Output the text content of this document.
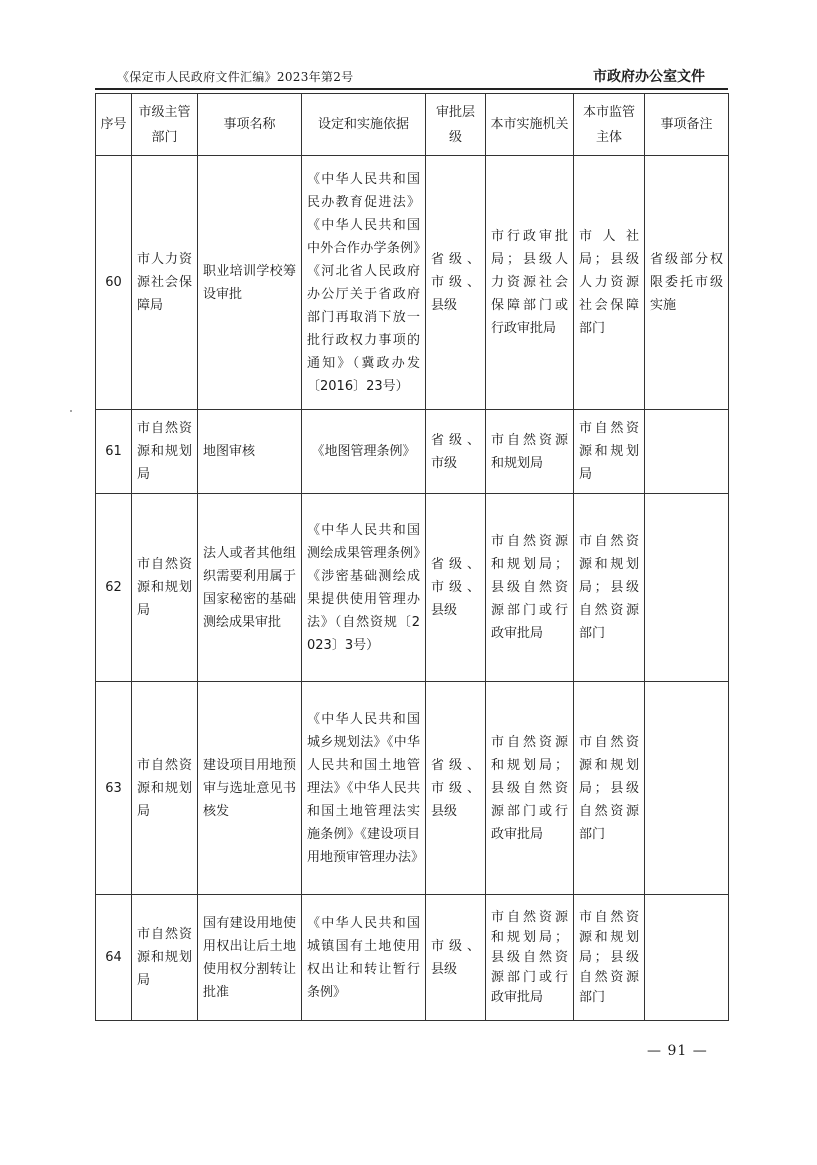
《保定市人民政府文件汇编》2023年第2号	市政府办公室文件
序号	市级主管部门	事项名称	设定和实施依据	审批层级	本市实施机关	本市监管主体	事项备注
60	市人力资源社会保障局	职业培训学校筹设审批	《中华人民共和国民办教育促进法》《中华人民共和国中外合作办学条例》《河北省人民政府办公厅关于省政府部门再取消下放一批行政权力事项的通知》（冀政办发〔2016〕23号）	省级、市级、县级	市行政审批局；县级人力资源社会保障部门或行政审批局	市人社局；县级人力资源社会保障部门	省级部分权限委托市级实施
61	市自然资源和规划局	地图审核	《地图管理条例》	省级、市级	市自然资源和规划局	市自然资源和规划局	
62	市自然资源和规划局	法人或者其他组织需要利用属于国家秘密的基础测绘成果审批	《中华人民共和国测绘成果管理条例》《涉密基础测绘成果提供使用管理办法》（自然资规〔2023〕3号）	省级、市级、县级	市自然资源和规划局；县级自然资源部门或行政审批局	市自然资源和规划局；县级自然资源部门	
63	市自然资源和规划局	建设项目用地预审与选址意见书核发	《中华人民共和国城乡规划法》《中华人民共和国土地管理法》《中华人民共和国土地管理法实施条例》《建设项目用地预审管理办法》	省级、市级、县级	市自然资源和规划局；县级自然资源部门或行政审批局	市自然资源和规划局；县级自然资源部门	
64	市自然资源和规划局	国有建设用地使用权出让后土地使用权分割转让批准	《中华人民共和国城镇国有土地使用权出让和转让暂行条例》	市级、县级	市自然资源和规划局；县级自然资源部门或行政审批局	市自然资源和规划局；县级自然资源部门	
— 91 —
